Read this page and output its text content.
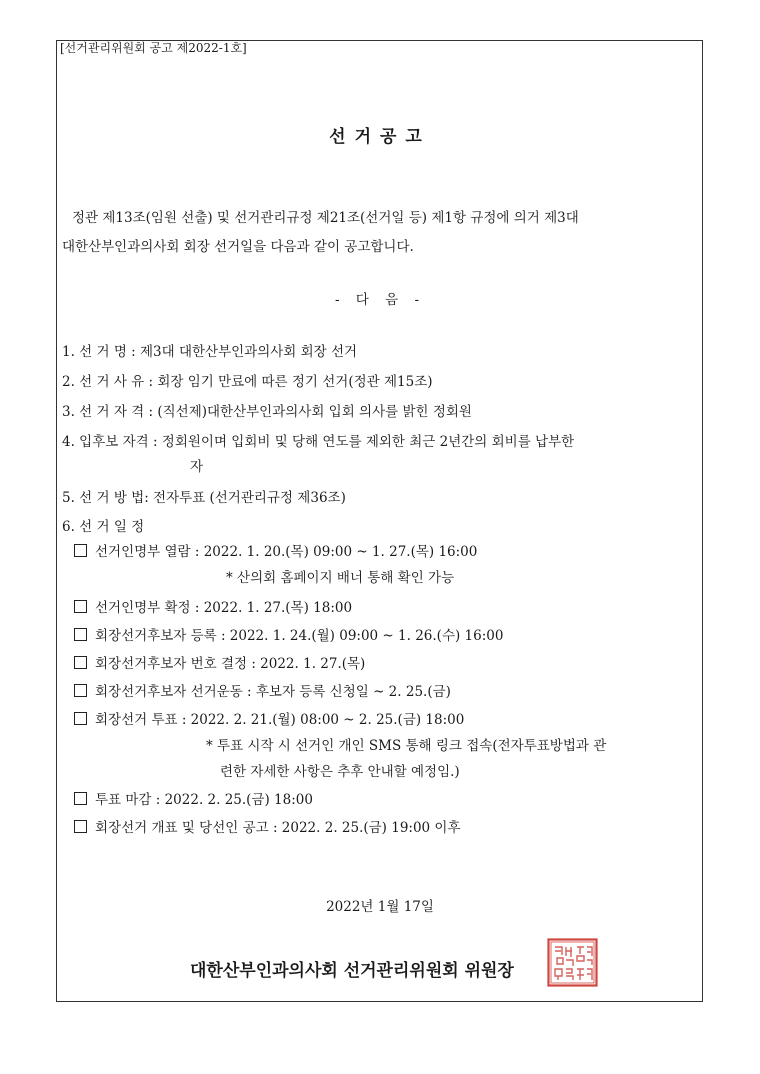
[선거관리위원회 공고 제2022-1호]
선거공고

정관 제13조(임원 선출) 및 선거관리규정 제21조(선거일 등) 제1항 규정에 의거 제3대

대한산부인과의사회 회장 선거일을 다음과 같이 공고합니다.

- 다 음 -
1. 선 거 명 : 제3대 대한산부인과의사회 회장 선거
2. 선 거 사 유 : 회장 임기 만료에 따른 정기 선거(정관 제15조)
3. 선 거 자 격 : (직선제)대한산부인과의사회 입회 의사를 밝힌 정회원
4. 입후보 자격 : 정회원이며 입회비 및 당해 연도를 제외한 최근 2년간의 회비를 납부한
자
5. 선 거 방 법: 전자투표 (선거관리규정 제36조)
6. 선 거 일 정
선거인명부 열람 : 2022. 1. 20.(목) 09:00 ~ 1. 27.(목) 16:00
* 산의회 홈페이지 배너 통해 확인 가능
선거인명부 확정 : 2022. 1. 27.(목) 18:00
회장선거후보자 등록 : 2022. 1. 24.(월) 09:00 ~ 1. 26.(수) 16:00
회장선거후보자 번호 결정 : 2022. 1. 27.(목)
회장선거후보자 선거운동 : 후보자 등록 신청일 ~ 2. 25.(금)
회장선거 투표 : 2022. 2. 21.(월) 08:00 ~ 2. 25.(금) 18:00
* 투표 시작 시 선거인 개인 SMS 통해 링크 접속(전자투표방법과 관
련한 자세한 사항은 추후 안내할 예정임.)
투표 마감 : 2022. 2. 25.(금) 18:00
회장선거 개표 및 당선인 공고 : 2022. 2. 25.(금) 19:00 이후
2022년 1월 17일
대한산부인과의사회 선거관리위원회 위원장
